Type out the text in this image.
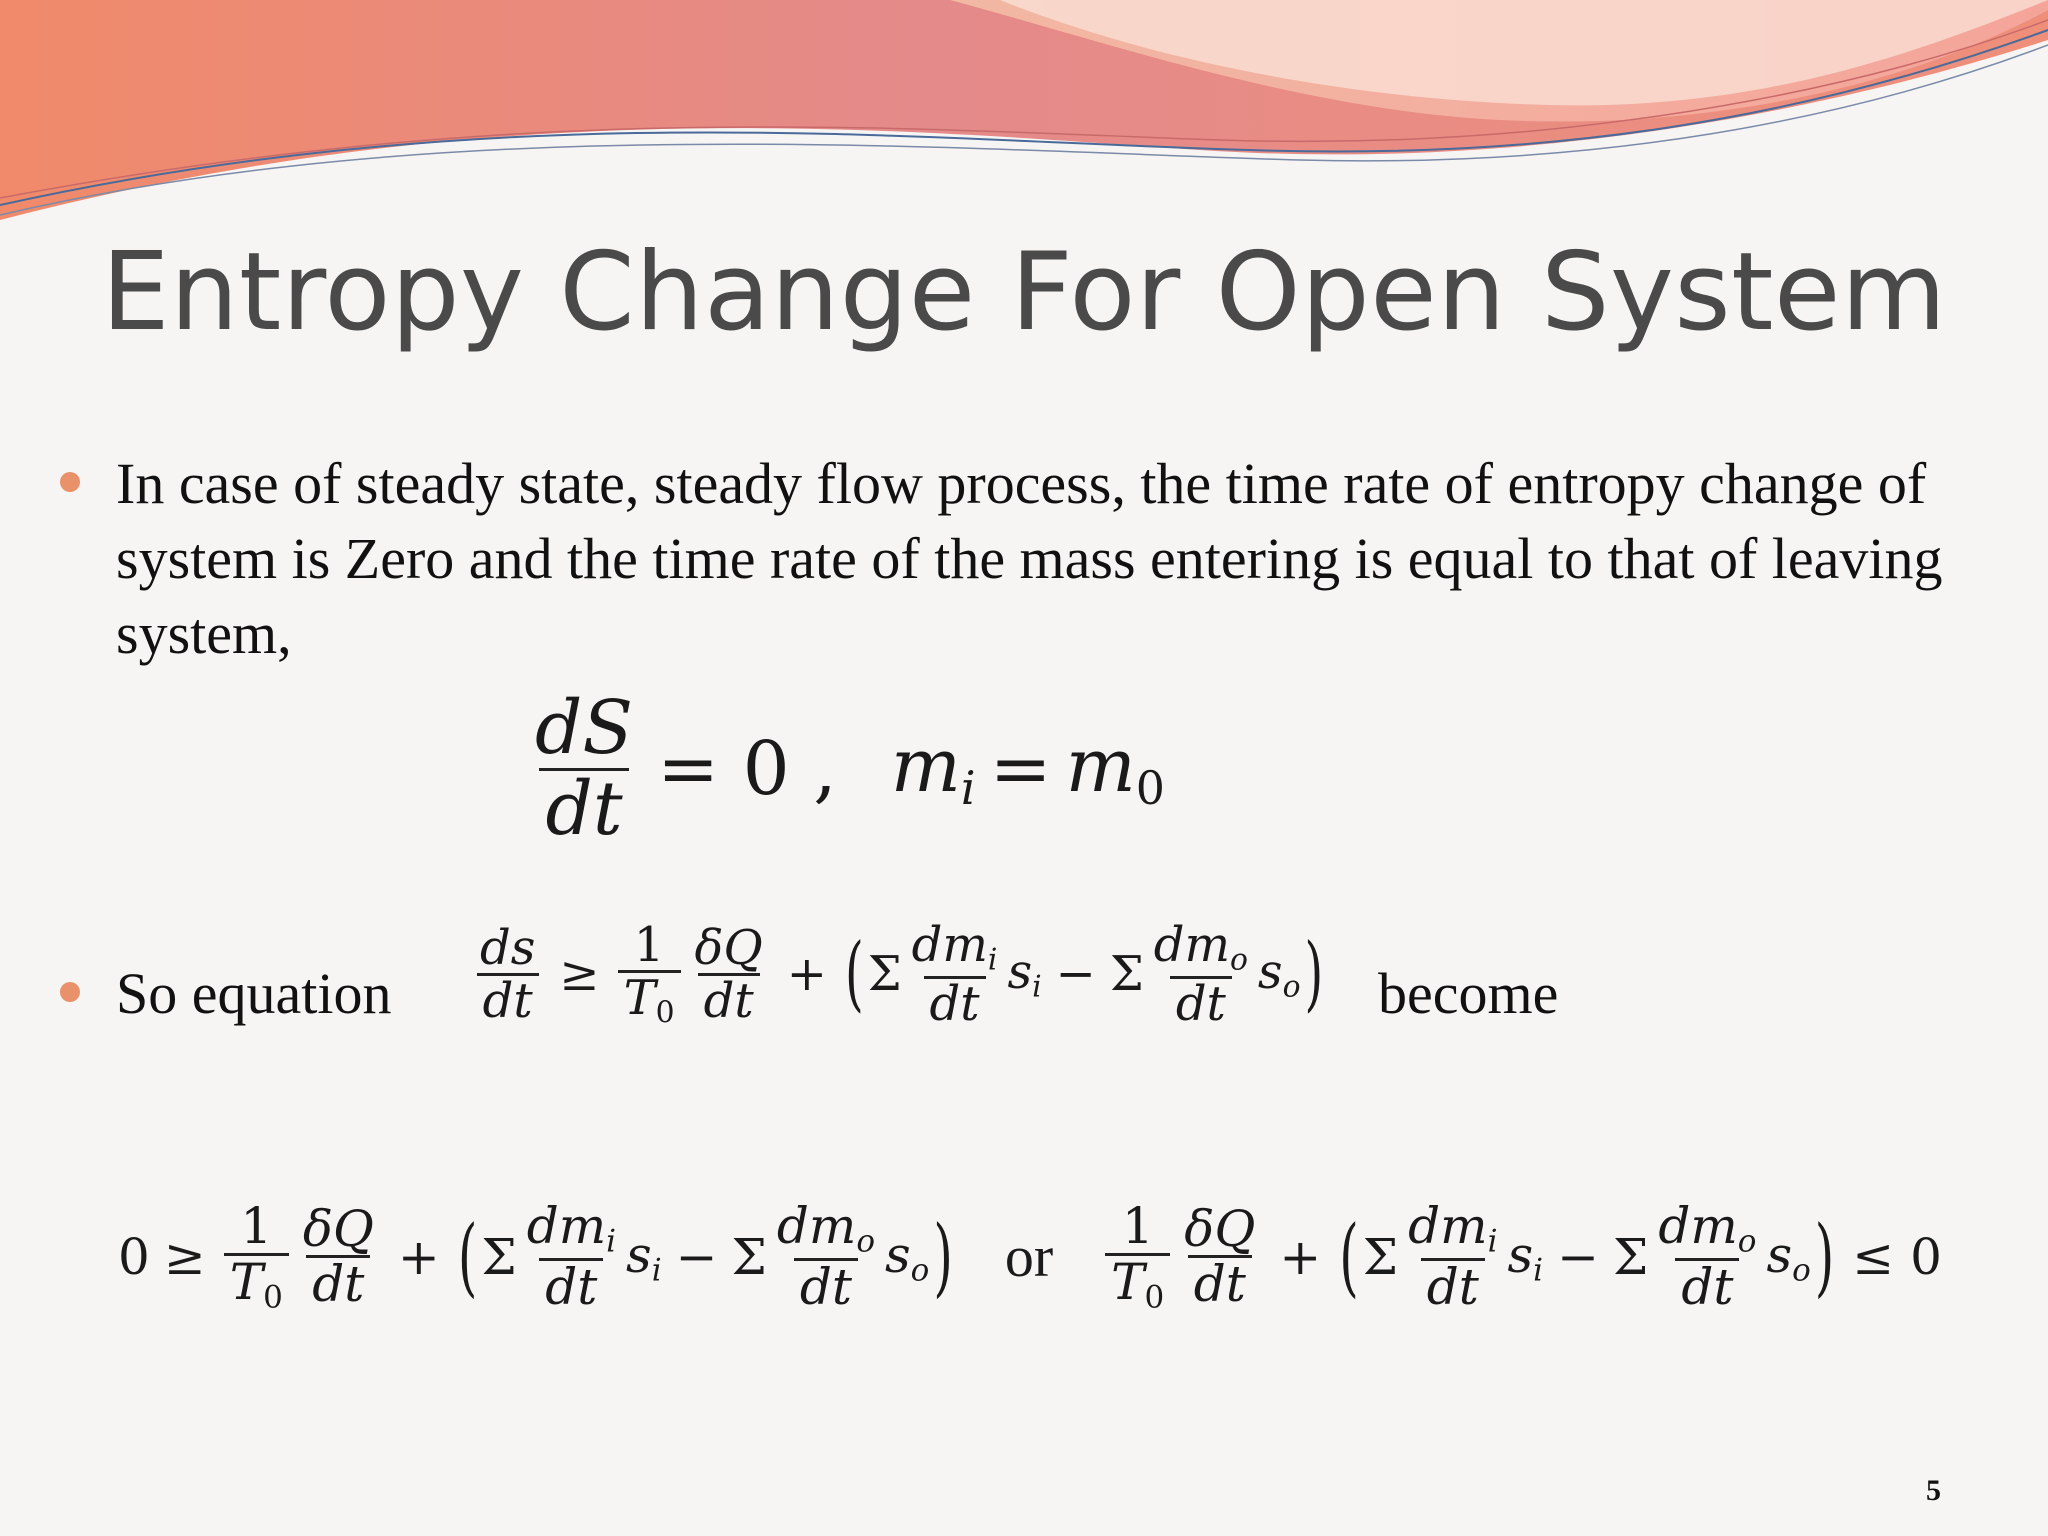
Entropy Change For Open System
In case of steady state, steady flow process, the time rate of entropy change of system is Zero and the time rate of the mass entering is equal to that of leaving system,
$\frac{dS}{dt} = 0$ , $m_i = m_0$
So equation $\frac{ds}{dt} \ge \frac{1}{T_0} \frac{\delta Q}{dt}$ + ( Σ $\frac{dm_i}{dt} s_i - \Sigma \frac{dm_o}{dt} s_o$ ) become
$0 \ge \frac{1}{T_0} \frac{\delta Q}{dt}$ + ( Σ $\frac{dm_i}{dt} s_i - \Sigma \frac{dm_o}{dt} s_o$ ) or $\frac{1}{T_0} \frac{\delta Q}{dt}$ + ( Σ $\frac{dm_i}{dt} s_i - \Sigma \frac{dm_o}{dt} s_o$ ) ≤ 0
5
